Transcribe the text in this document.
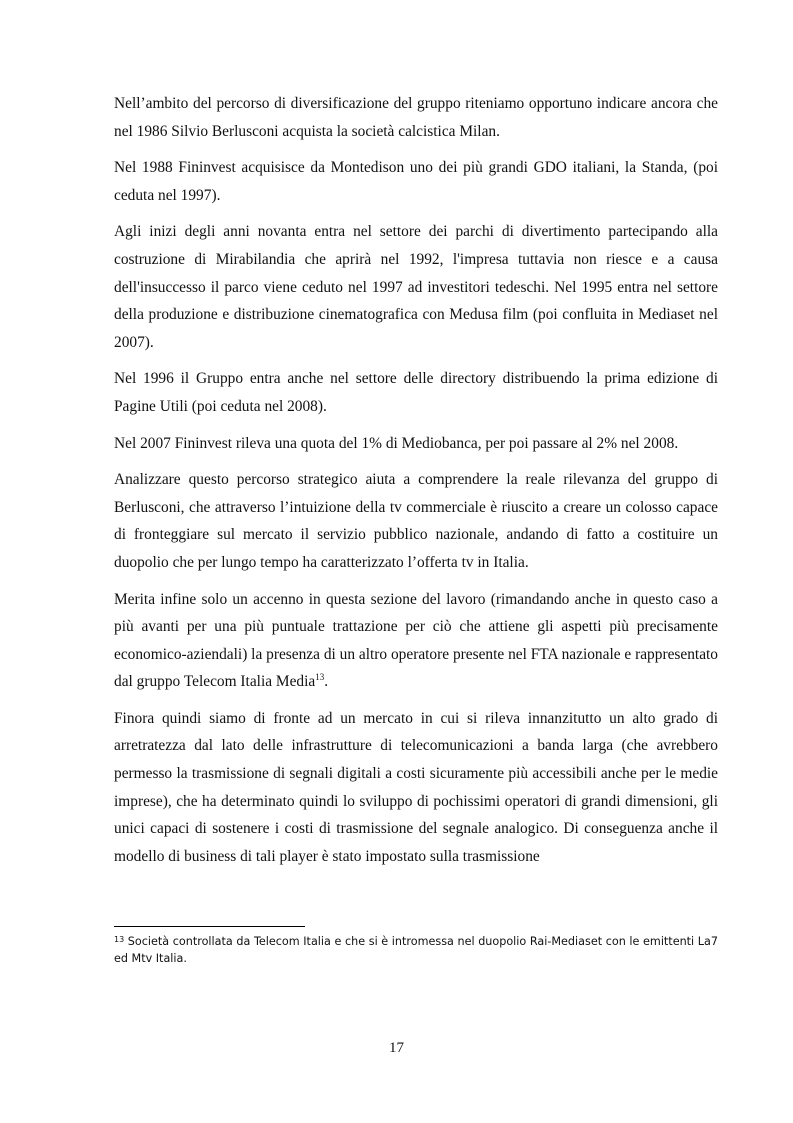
Nell’ambito del percorso di diversificazione del gruppo riteniamo opportuno indicare ancora che nel 1986 Silvio Berlusconi acquista la società calcistica Milan.

Nel 1988 Fininvest acquisisce da Montedison uno dei più grandi GDO italiani, la Standa, (poi ceduta nel 1997).

Agli inizi degli anni novanta entra nel settore dei parchi di divertimento partecipando alla costruzione di Mirabilandia che aprirà nel 1992, l'impresa tuttavia non riesce e a causa dell'insuccesso il parco viene ceduto nel 1997 ad investitori tedeschi. Nel 1995 entra nel settore della produzione e distribuzione cinematografica con Medusa film (poi confluita in Mediaset nel 2007).

Nel 1996 il Gruppo entra anche nel settore delle directory distribuendo la prima edizione di Pagine Utili (poi ceduta nel 2008).

Nel 2007 Fininvest rileva una quota del 1% di Mediobanca, per poi passare al 2% nel 2008.

Analizzare questo percorso strategico aiuta a comprendere la reale rilevanza del gruppo di Berlusconi, che attraverso l’intuizione della tv commerciale è riuscito a creare un colosso capace di fronteggiare sul mercato il servizio pubblico nazionale, andando di fatto a costituire un duopolio che per lungo tempo ha caratterizzato l’offerta tv in Italia.

Merita infine solo un accenno in questa sezione del lavoro (rimandando anche in questo caso a più avanti per una più puntuale trattazione per ciò che attiene gli aspetti più precisamente economico-aziendali) la presenza di un altro operatore presente nel FTA nazionale e rappresentato dal gruppo Telecom Italia Media$^{13}$.

Finora quindi siamo di fronte ad un mercato in cui si rileva innanzitutto un alto grado di arretratezza dal lato delle infrastrutture di telecomunicazioni a banda larga (che avrebbero permesso la trasmissione di segnali digitali a costi sicuramente più accessibili anche per le medie imprese), che ha determinato quindi lo sviluppo di pochissimi operatori di grandi dimensioni, gli unici capaci di sostenere i costi di trasmissione del segnale analogico. Di conseguenza anche il modello di business di tali player è stato impostato sulla trasmissione

$^{13}$ Società controllata da Telecom Italia e che si è intromessa nel duopolio Rai-Mediaset con le emittenti La7 ed Mtv Italia.
17
